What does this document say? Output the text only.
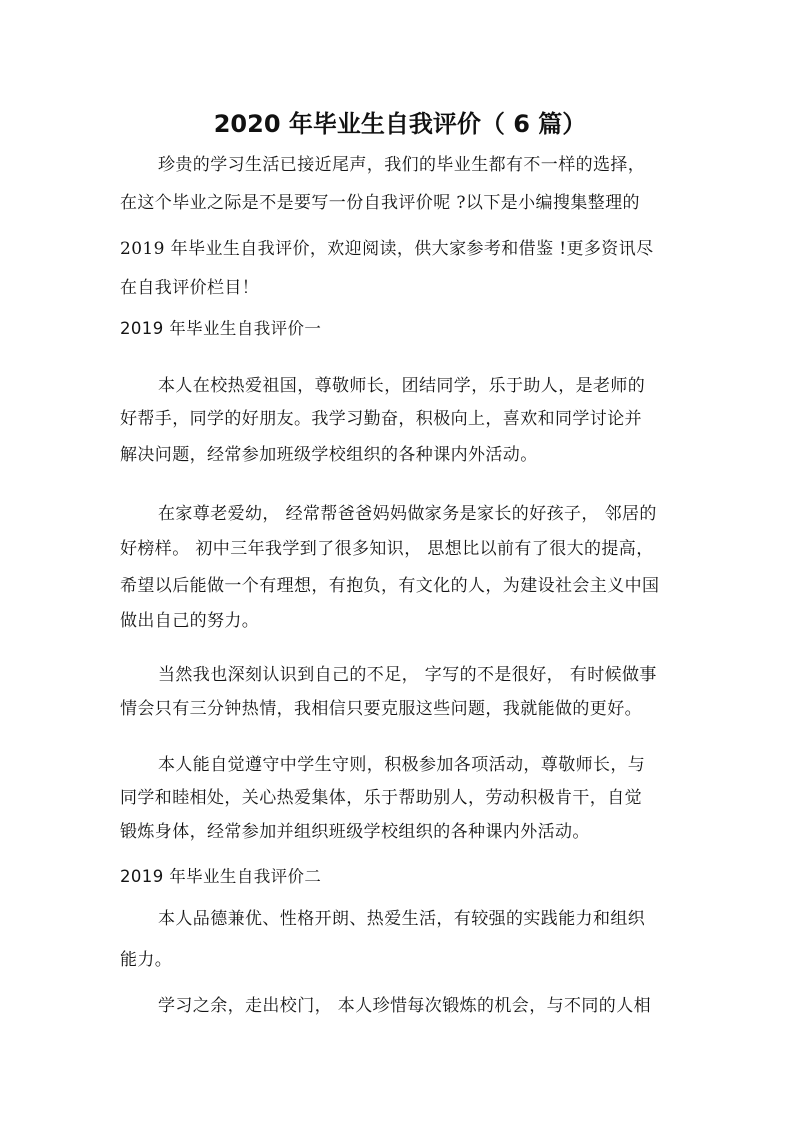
2020 年毕业生自我评价（ 6 篇）
珍贵的学习生活已接近尾声，我们的毕业生都有不一样的选择，
在这个毕业之际是不是要写一份自我评价呢 ?以下是小编搜集整理的
2019 年毕业生自我评价，欢迎阅读，供大家参考和借鉴 !更多资讯尽
在自我评价栏目！
2019 年毕业生自我评价一
本人在校热爱祖国，尊敬师长，团结同学，乐于助人，是老师的
好帮手，同学的好朋友。我学习勤奋，积极向上，喜欢和同学讨论并
解决问题，经常参加班级学校组织的各种课内外活动。
在家尊老爱幼， 经常帮爸爸妈妈做家务是家长的好孩子， 邻居的
好榜样。 初中三年我学到了很多知识， 思想比以前有了很大的提高，
希望以后能做一个有理想，有抱负，有文化的人，为建设社会主义中国
做出自己的努力。
当然我也深刻认识到自己的不足， 字写的不是很好， 有时候做事
情会只有三分钟热情，我相信只要克服这些问题，我就能做的更好。
本人能自觉遵守中学生守则，积极参加各项活动，尊敬师长，与
同学和睦相处，关心热爱集体，乐于帮助别人，劳动积极肯干，自觉
锻炼身体，经常参加并组织班级学校组织的各种课内外活动。
2019 年毕业生自我评价二
本人品德兼优、性格开朗、热爱生活，有较强的实践能力和组织
能力。
学习之余，走出校门， 本人珍惜每次锻炼的机会，与不同的人相
